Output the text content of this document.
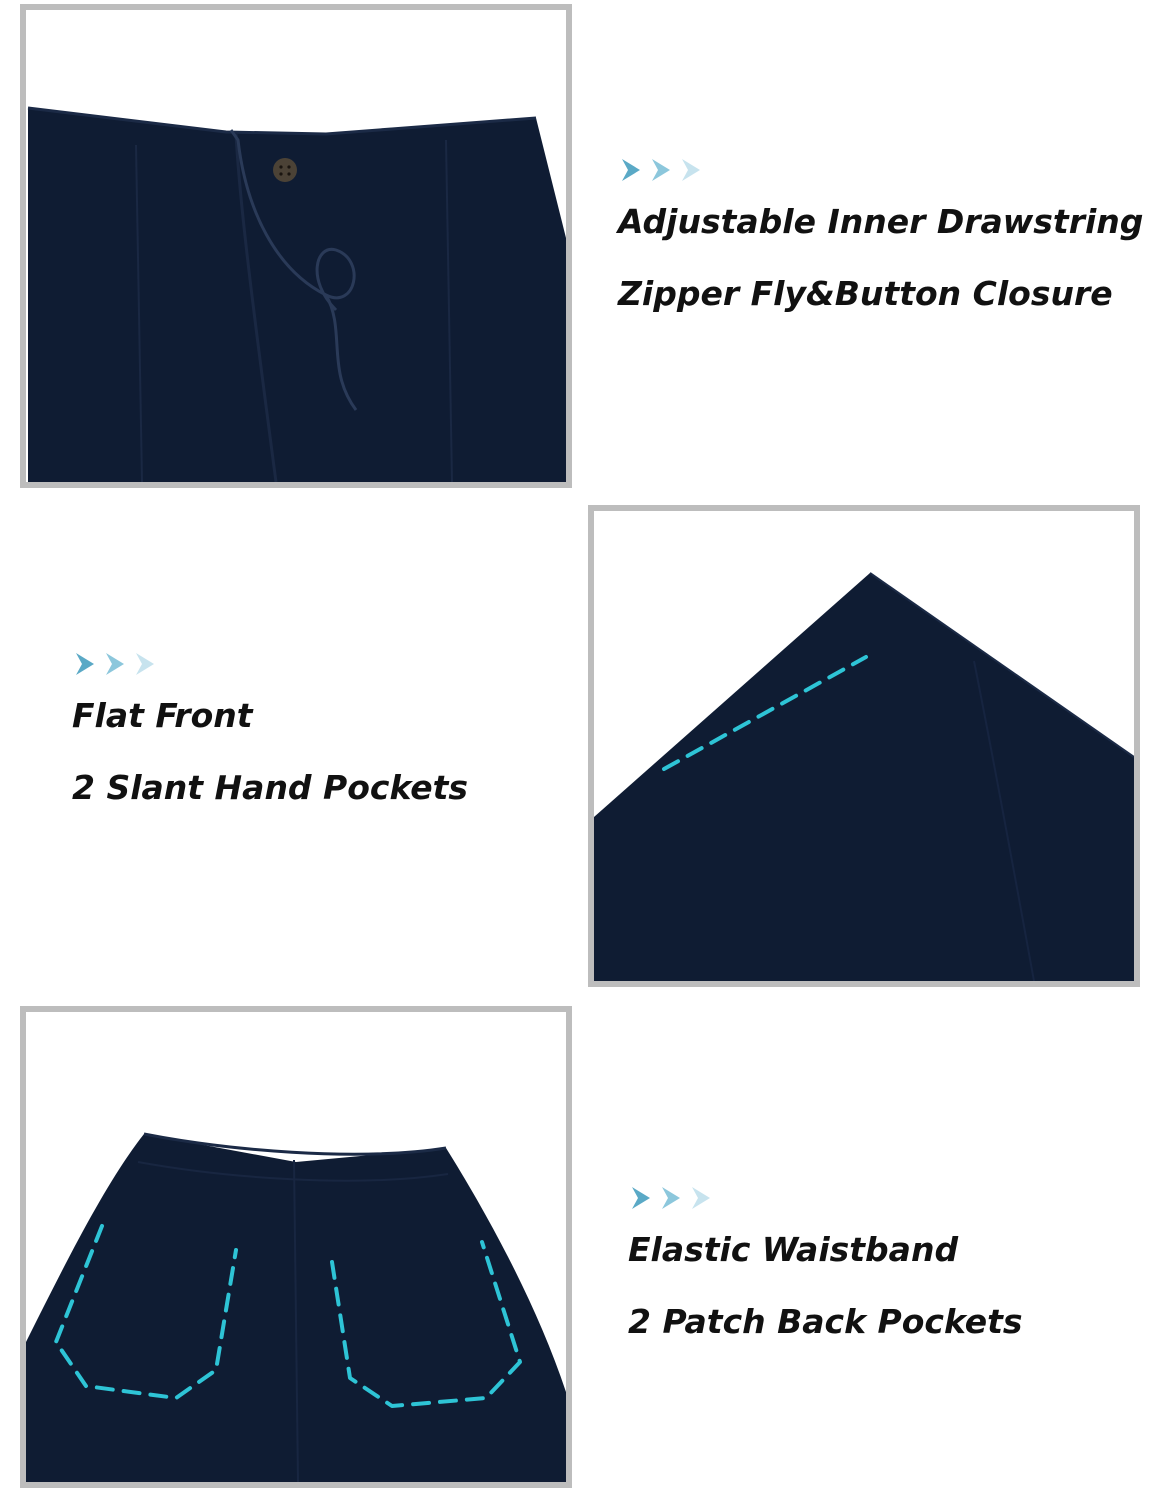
Adjustable Inner Drawstring
Zipper Fly&Button Closure
Flat Front
2 Slant Hand Pockets
Elastic Waistband
2 Patch Back Pockets
